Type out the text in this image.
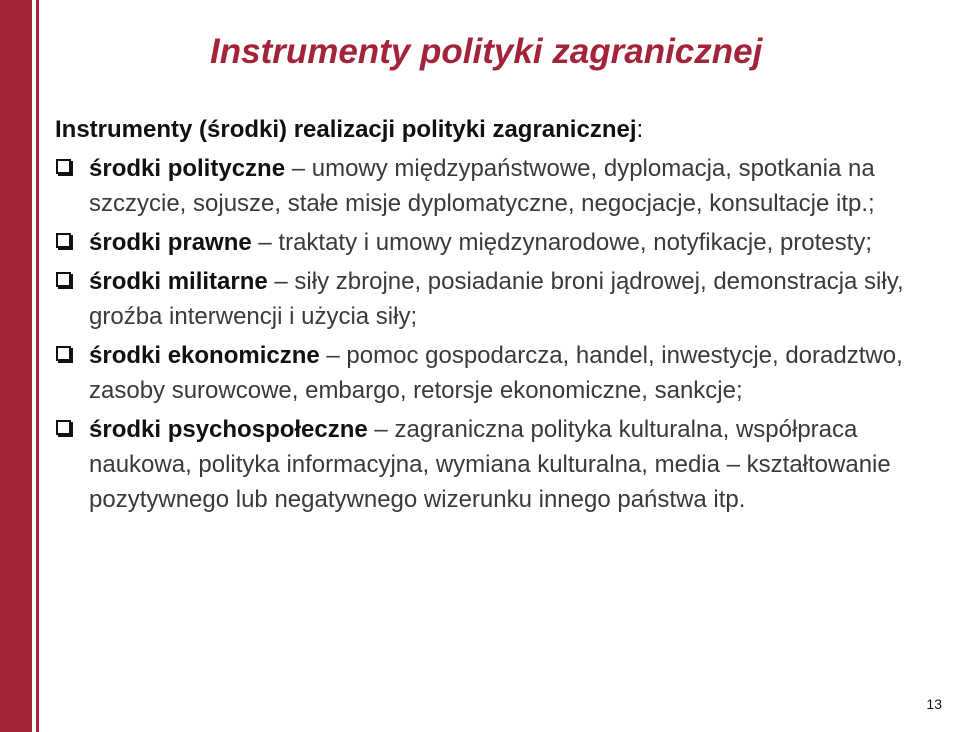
Instrumenty polityki zagranicznej

Instrumenty (środki) realizacji polityki zagranicznej:

środki polityczne – umowy międzypaństwowe, dyplomacja, spotkania na szczycie, sojusze, stałe misje dyplomatyczne, negocjacje, konsultacje itp.;
środki prawne – traktaty i umowy międzynarodowe, notyfikacje, protesty;
środki militarne – siły zbrojne, posiadanie broni jądrowej, demonstracja siły, groźba interwencji i użycia siły;
środki ekonomiczne – pomoc gospodarcza, handel, inwestycje, doradztwo, zasoby surowcowe, embargo, retorsje ekonomiczne, sankcje;
środki psychospołeczne – zagraniczna polityka kulturalna, współpraca naukowa, polityka informacyjna, wymiana kulturalna, media – kształtowanie pozytywnego lub negatywnego wizerunku innego państwa itp.
13
